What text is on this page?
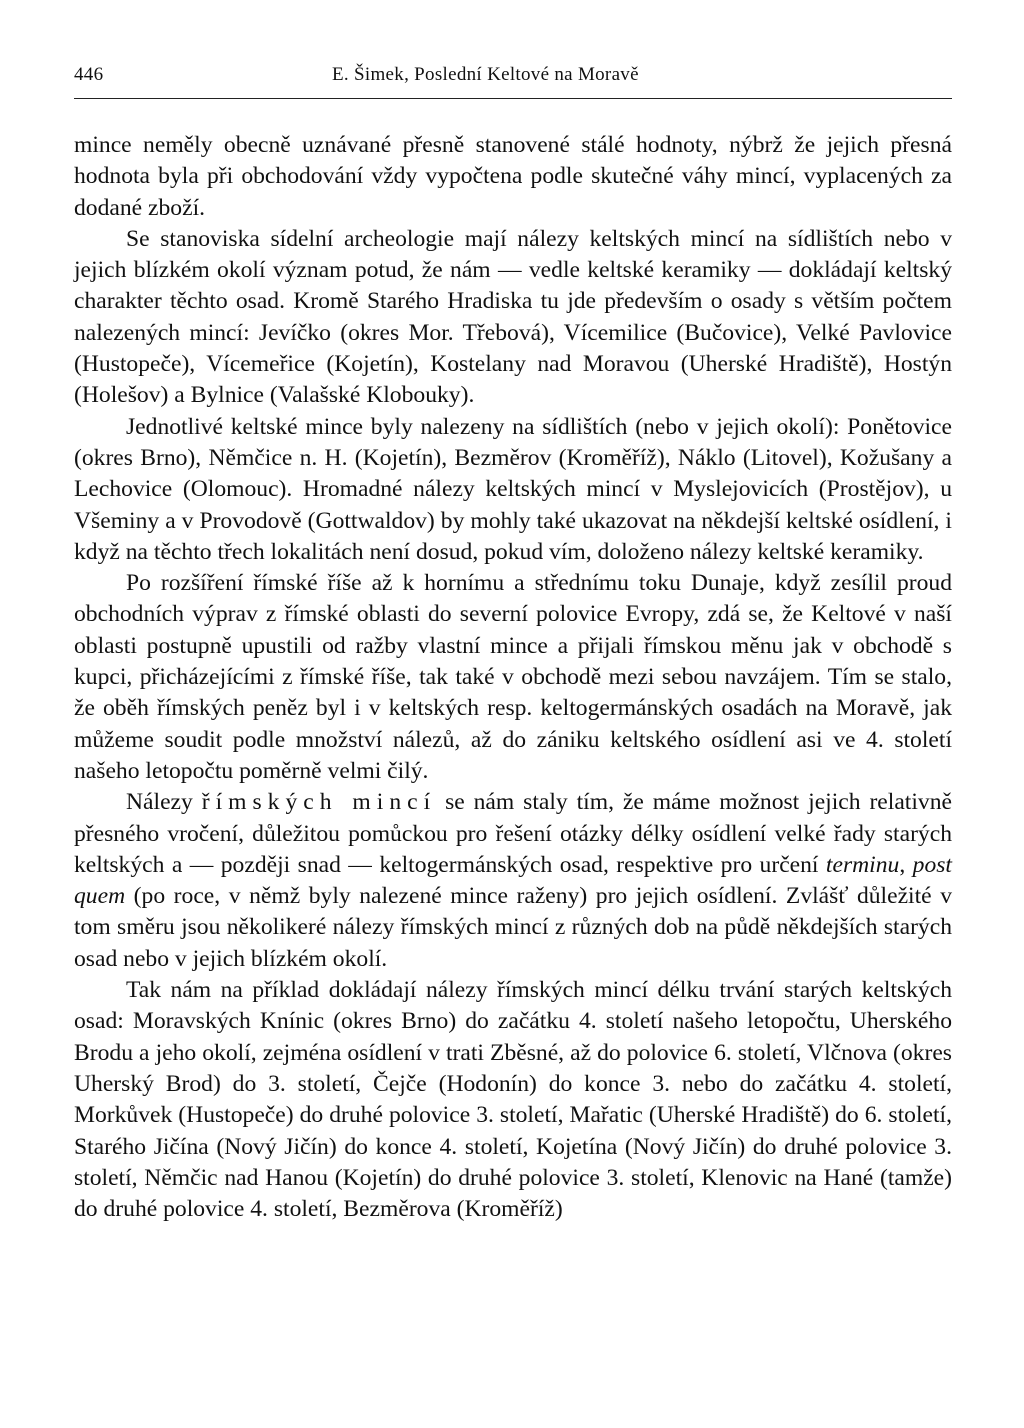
446	E. Šimek, Poslední Keltové na Moravě

mince neměly obecně uznávané přesně stanovené stálé hodnoty, nýbrž že jejich přesná hodnota byla při obchodování vždy vypočtena podle skutečné váhy mincí, vyplacených za dodané zboží.

Se stanoviska sídelní archeologie mají nálezy keltských mincí na sídlištích nebo v jejich blízkém okolí význam potud, že nám — vedle keltské keramiky — dokládají keltský charakter těchto osad. Kromě Starého Hradiska tu jde především o osady s větším počtem nalezených mincí: Jevíčko (okres Mor. Třebová), Vícemilice (Bučovice), Velké Pavlovice (Hustopeče), Vícemeřice (Kojetín), Kostelany nad Moravou (Uherské Hradiště), Hostýn (Holešov) a Bylnice (Valašské Klobouky).

Jednotlivé keltské mince byly nalezeny na sídlištích (nebo v jejich okolí): Ponětovice (okres Brno), Němčice n. H. (Kojetín), Bezměrov (Kroměříž), Náklo (Litovel), Kožušany a Lechovice (Olomouc). Hromadné nálezy keltských mincí v Myslejovicích (Prostějov), u Všeminy a v Provodově (Gottwaldov) by mohly také ukazovat na někdejší keltské osídlení, i když na těchto třech lokalitách není dosud, pokud vím, doloženo nálezy keltské keramiky.

Po rozšíření římské říše až k hornímu a střednímu toku Dunaje, když zesílil proud obchodních výprav z římské oblasti do severní polovice Evropy, zdá se, že Keltové v naší oblasti postupně upustili od ražby vlastní mince a přijali římskou měnu jak v obchodě s kupci, přicházejícími z římské říše, tak také v obchodě mezi sebou navzájem. Tím se stalo, že oběh římských peněz byl i v keltských resp. keltogermánských osadách na Moravě, jak můžeme soudit podle množství nálezů, až do zániku keltského osídlení asi ve 4. století našeho letopočtu poměrně velmi čilý.

Nálezy římských mincí se nám staly tím, že máme možnost jejich relativně přesného vročení, důležitou pomůckou pro řešení otázky délky osídlení velké řady starých keltských a — později snad — keltogermánských osad, respektive pro určení terminu, post quem (po roce, v němž byly nalezené mince raženy) pro jejich osídlení. Zvlášť důležité v tom směru jsou několikeré nálezy římských mincí z různých dob na půdě někdejších starých osad nebo v jejich blízkém okolí.

Tak nám na příklad dokládají nálezy římských mincí délku trvání starých keltských osad: Moravských Knínic (okres Brno) do začátku 4. století našeho letopočtu, Uherského Brodu a jeho okolí, zejména osídlení v trati Zběsné, až do polovice 6. století, Vlčnova (okres Uherský Brod) do 3. století, Čejče (Hodonín) do konce 3. nebo do začátku 4. století, Morkůvek (Hustopeče) do druhé polovice 3. století, Mařatic (Uherské Hradiště) do 6. století, Starého Jičína (Nový Jičín) do konce 4. století, Kojetína (Nový Jičín) do druhé polovice 3. století, Němčic nad Hanou (Kojetín) do druhé polovice 3. století, Klenovic na Hané (tamže) do druhé polovice 4. století, Bezměrova (Kroměříž)
